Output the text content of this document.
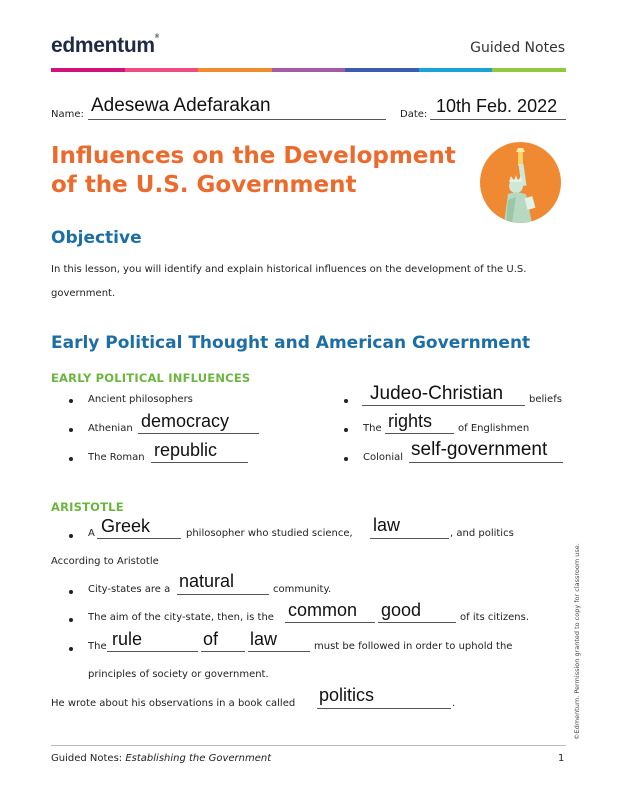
edmentum®
Guided Notes
Name: Adesewa Adefarakan	Date: 10th Feb. 2022
Influences on the Development
of the U.S. Government
Objective
In this lesson, you will identify and explain historical influences on the development of the U.S.
government.
Early Political Thought and American Government
EARLY POLITICAL INFLUENCES
Ancient philosophers
Athenian democracy
The Roman republic
Judeo-Christian	beliefs
The rights	of Englishmen
Colonial self-government
ARISTOTLE
A Greek	philosopher who studied science, law	, and politics
According to Aristotle
City-states are a natural	community.
The aim of the city-state, then, is the common good	of its citizens.
The rule	of law	must be followed in order to uphold the
principles of society or government.
He wrote about his observations in a book called politics	.	©Edmentum. Permission granted to copy for classroom use.
Guided Notes: Establishing the Government	1
